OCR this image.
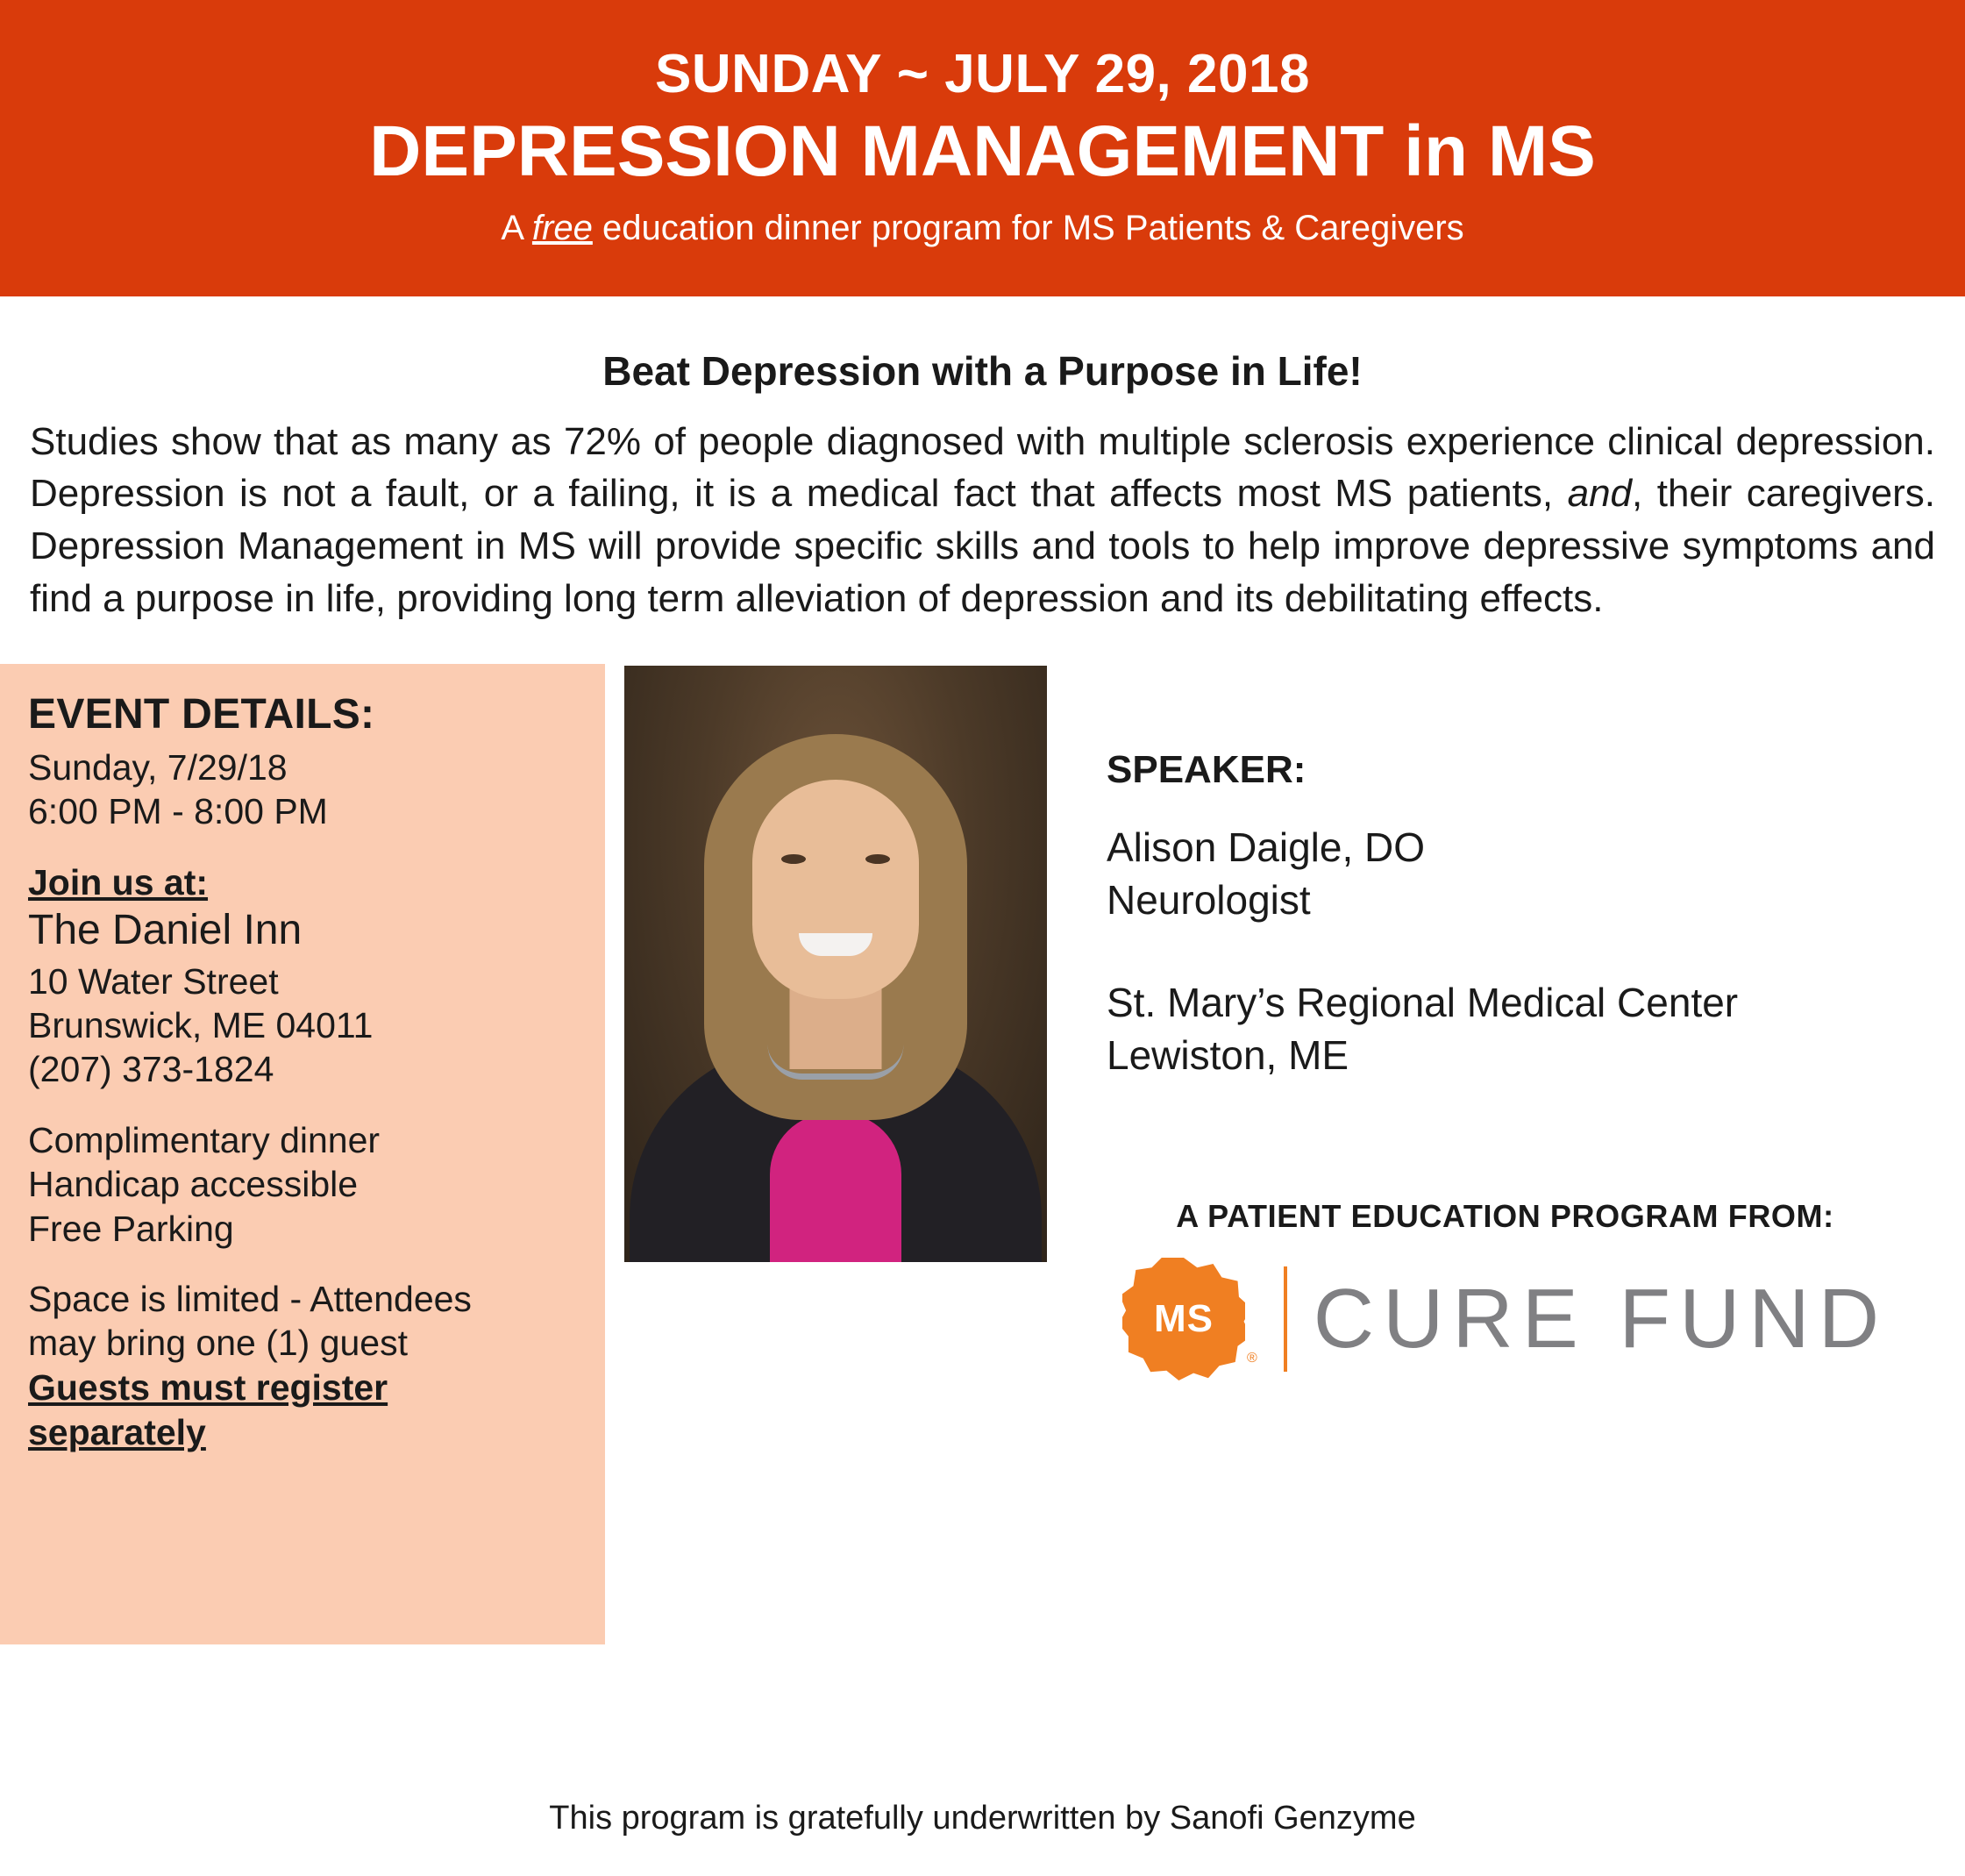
SUNDAY ~ JULY 29, 2018
DEPRESSION MANAGEMENT in MS
A free education dinner program for MS Patients & Caregivers
Beat Depression with a Purpose in Life!
Studies show that as many as 72% of people diagnosed with multiple sclerosis experience clinical depression. Depression is not a fault, or a failing, it is a medical fact that affects most MS patients, and, their caregivers. Depression Management in MS will provide specific skills and tools to help improve depressive symptoms and find a purpose in life, providing long term alleviation of depression and its debilitating effects.
EVENT DETAILS:
Sunday, 7/29/18
6:00 PM - 8:00 PM
Join us at:
The Daniel Inn
10 Water Street
Brunswick, ME 04011
(207) 373-1824
Complimentary dinner
Handicap accessible
Free Parking
Space is limited - Attendees
may bring one (1) guest
Guests must register separately
SPEAKER:
Alison Daigle, DO
Neurologist
St. Mary’s Regional Medical Center
Lewiston, ME
A PATIENT EDUCATION PROGRAM FROM:
MS
® CURE FUND
This program is gratefully underwritten by Sanofi Genzyme
